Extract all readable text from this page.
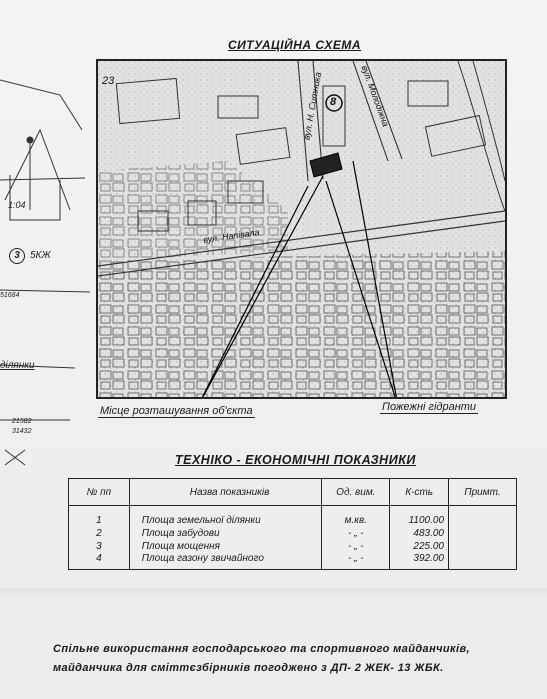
1:04
3	5КЖ
51684
ділянки
21582
31432
СИТУАЦІЙНА СХЕМА
23
8
вул. Напівала
вул. Н. Ситника	вул. Молодіжна
Місце розташування об'єкта	Пожежні гідранти
ТЕХНІКО - ЕКОНОМІЧНІ ПОКАЗНИКИ
№ пп	Назва показників	Од. вим.	К-сть	Примт.
1	Площа земельної ділянки	м.кв.	1100.00	
2	Площа забудови	- „ -	483.00	
3	Площа мощення	- „ -	225.00	
4	Площа газону звичайного	- „ -	392.00	
Спільне використання господарського та спортивного майданчиків,
майданчика для сміттєзбірників погоджено з ДП- 2 ЖЕК- 13 ЖБК.
